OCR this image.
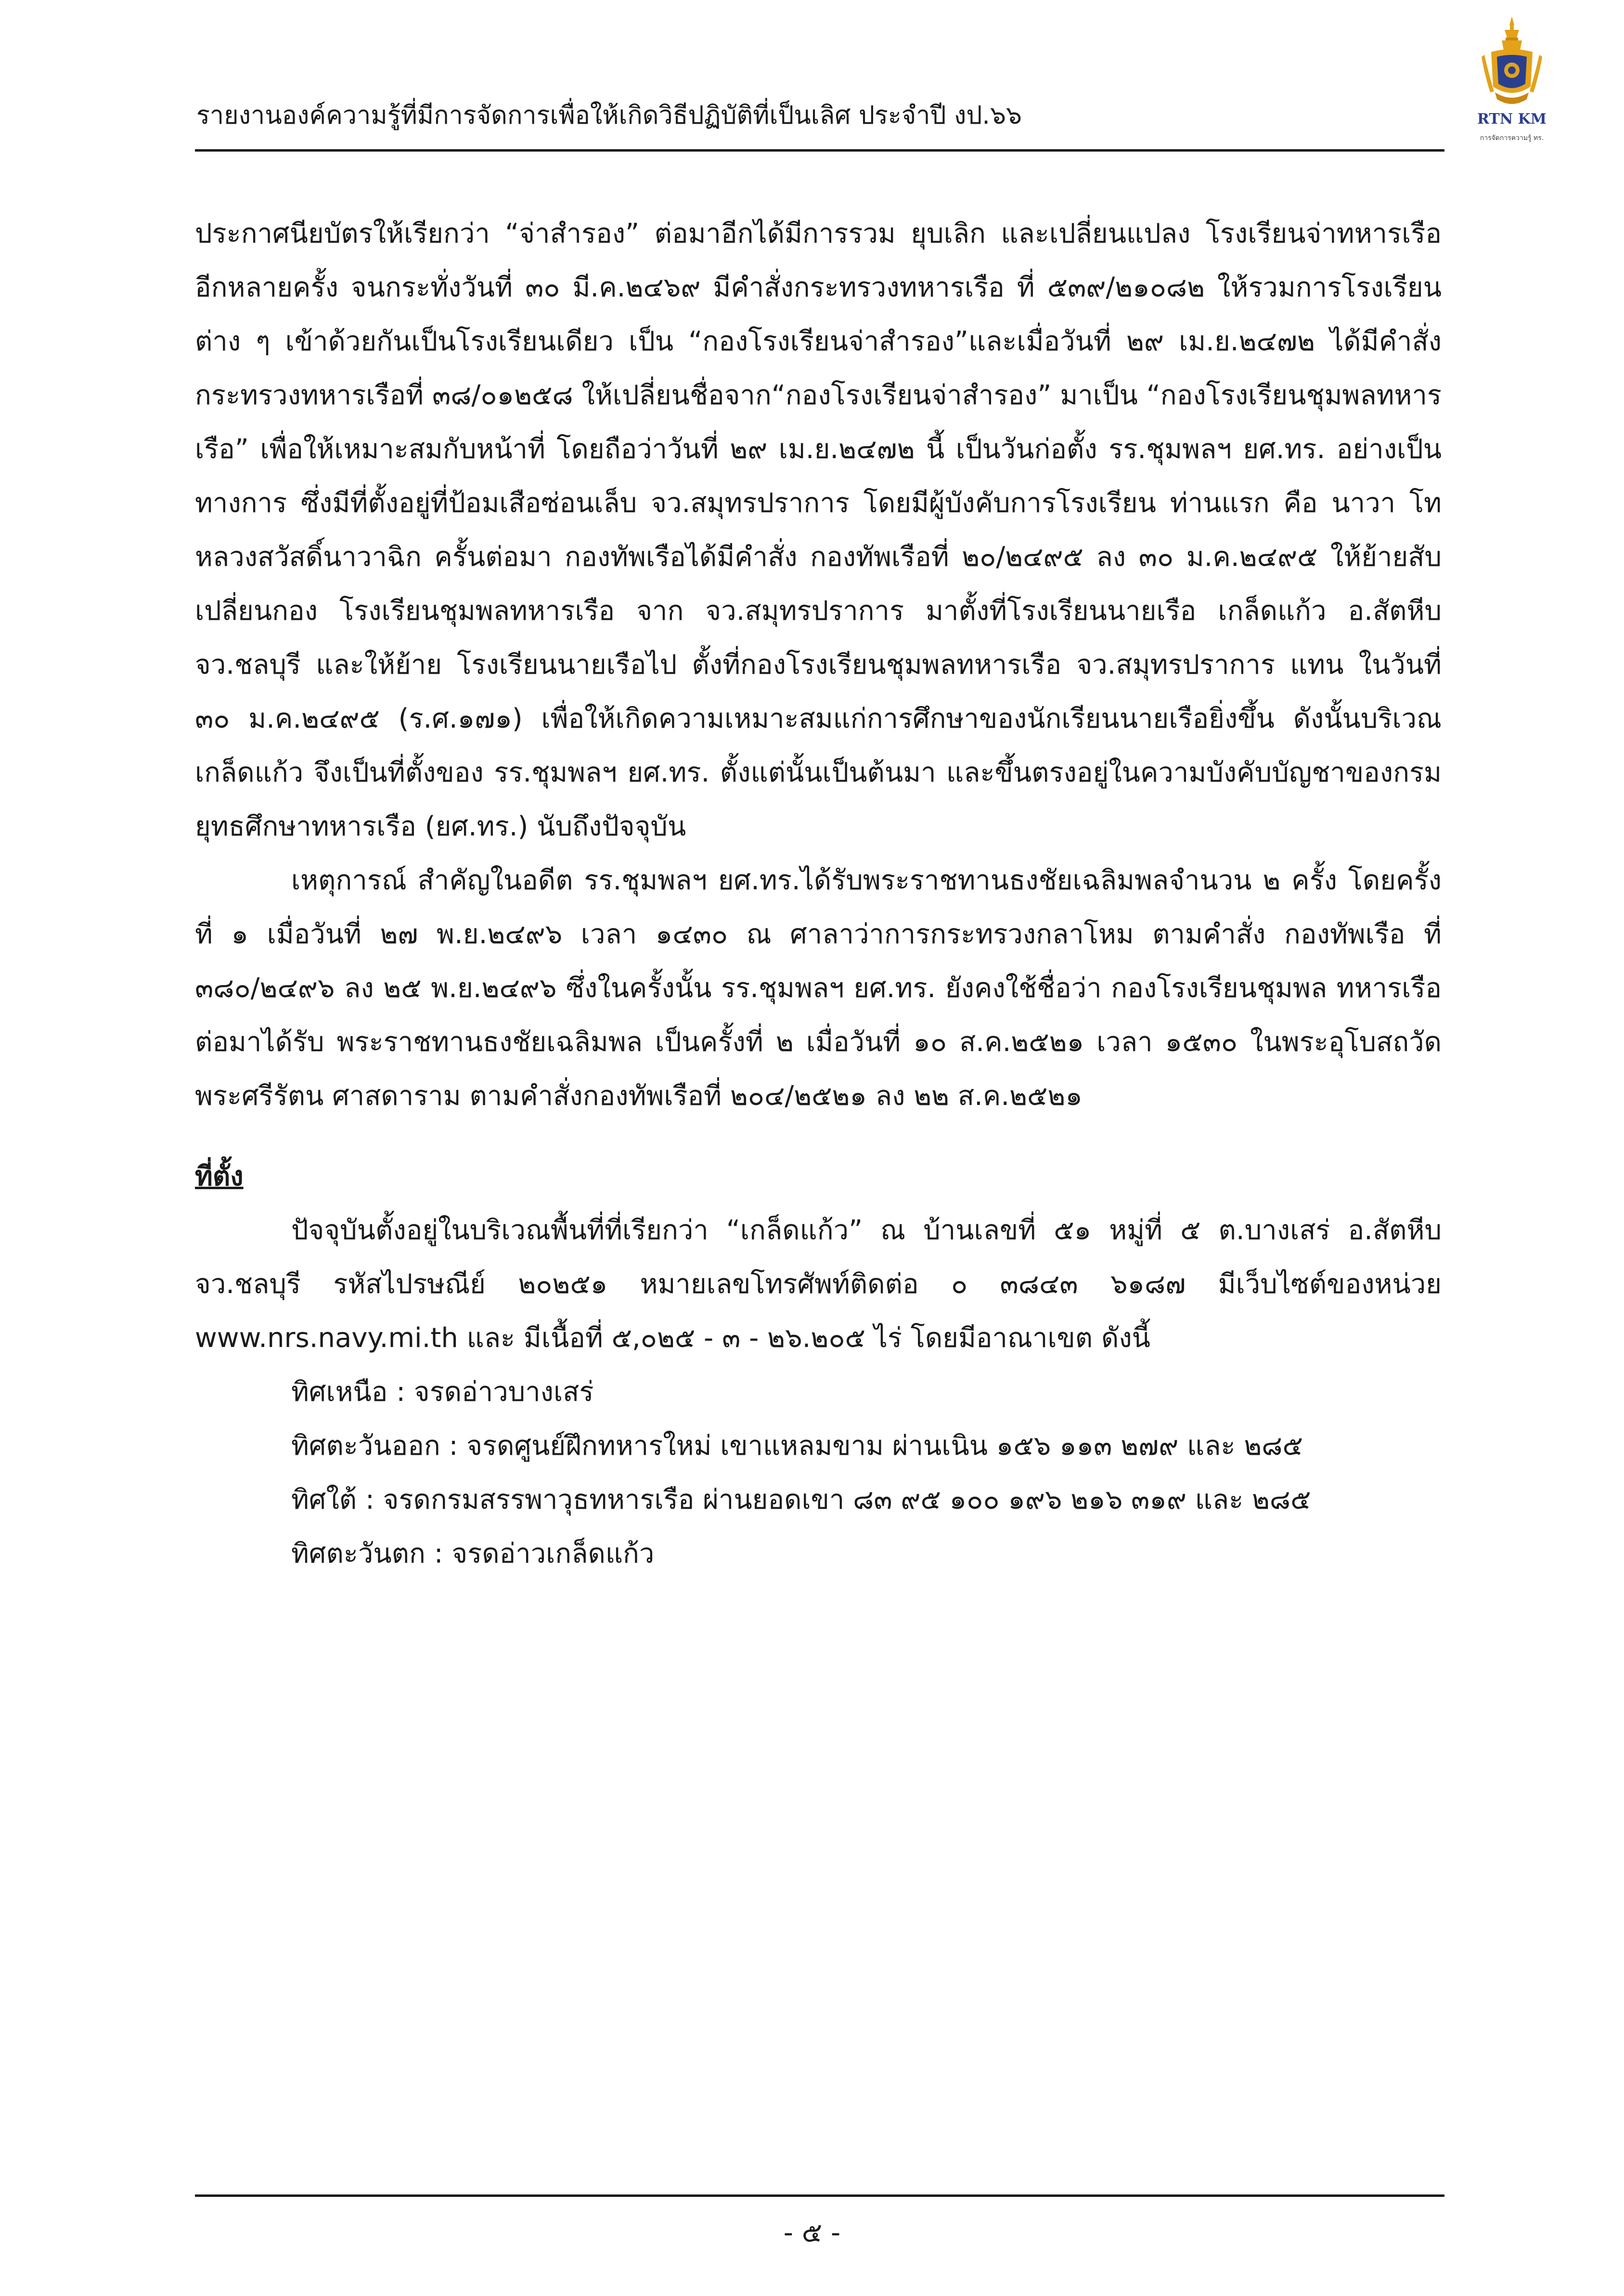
รายงานองค์ความรู้ที่มีการจัดการเพื่อให้เกิดวิธีปฏิบัติที่เป็นเลิศ ประจำปี งป.๖๖	RTN KM
การจัดการความรู้ ทร.

ประกาศนียบัตรให้เรียกว่า “จ่าสำรอง” ต่อมาอีกได้มีการรวม ยุบเลิก และเปลี่ยนแปลง โรงเรียนจ่าทหารเรือ อีกหลายครั้ง จนกระทั่งวันที่ ๓๐ มี.ค.๒๔๖๙ มีคำสั่งกระทรวงทหารเรือ ที่ ๕๓๙/๒๑๐๘๒ ให้รวมการโรงเรียนต่าง ๆ เข้าด้วยกันเป็นโรงเรียนเดียว เป็น “กองโรงเรียนจ่าสำรอง”และเมื่อวันที่ ๒๙ เม.ย.๒๔๗๒ ได้มีคำสั่งกระทรวงทหารเรือที่ ๓๘/๐๑๒๕๘ ให้เปลี่ยนชื่อจาก“กองโรงเรียนจ่าสำรอง” มาเป็น “กองโรงเรียนชุมพลทหารเรือ” เพื่อให้เหมาะสมกับหน้าที่ โดยถือว่าวันที่ ๒๙ เม.ย.๒๔๗๒ นี้ เป็นวันก่อตั้ง รร.ชุมพลฯ ยศ.ทร. อย่างเป็นทางการ ซึ่งมีที่ตั้งอยู่ที่ป้อมเสือซ่อนเล็บ จว.สมุทรปราการ โดยมีผู้บังคับการโรงเรียน ท่านแรก คือ นาวา โทหลวงสวัสดิ์นาวาฉิก ครั้นต่อมา กองทัพเรือได้มีคำสั่ง กองทัพเรือที่ ๒๐/๒๔๙๕ ลง ๓๐ ม.ค.๒๔๙๕ ให้ย้ายสับเปลี่ยนกอง โรงเรียนชุมพลทหารเรือ จาก จว.สมุทรปราการ มาตั้งที่โรงเรียนนายเรือ เกล็ดแก้ว อ.สัตหีบ จว.ชลบุรี และให้ย้าย โรงเรียนนายเรือไป ตั้งที่กองโรงเรียนชุมพลทหารเรือ จว.สมุทรปราการ แทน ในวันที่ ๓๐ ม.ค.๒๔๙๕ (ร.ศ.๑๗๑) เพื่อให้เกิดความเหมาะสมแก่การศึกษาของนักเรียนนายเรือยิ่งขึ้น ดังนั้นบริเวณเกล็ดแก้ว จึงเป็นที่ตั้งของ รร.ชุมพลฯ ยศ.ทร. ตั้งแต่นั้นเป็นต้นมา และขึ้นตรงอยู่ในความบังคับบัญชาของกรมยุทธศึกษาทหารเรือ (ยศ.ทร.) นับถึงปัจจุบัน

เหตุการณ์ สำคัญในอดีต รร.ชุมพลฯ ยศ.ทร.ได้รับพระราชทานธงชัยเฉลิมพลจำนวน ๒ ครั้ง โดยครั้งที่ ๑ เมื่อวันที่ ๒๗ พ.ย.๒๔๙๖ เวลา ๑๔๓๐ ณ ศาลาว่าการกระทรวงกลาโหม ตามคำสั่ง กองทัพเรือ ที่ ๓๘๐/๒๔๙๖ ลง ๒๕ พ.ย.๒๔๙๖ ซึ่งในครั้งนั้น รร.ชุมพลฯ ยศ.ทร. ยังคงใช้ชื่อว่า กองโรงเรียนชุมพล ทหารเรือ ต่อมาได้รับ พระราชทานธงชัยเฉลิมพล เป็นครั้งที่ ๒ เมื่อวันที่ ๑๐ ส.ค.๒๕๒๑ เวลา ๑๕๓๐ ในพระอุโบสถวัดพระศรีรัตน ศาสดาราม ตามคำสั่งกองทัพเรือที่ ๒๐๔/๒๕๒๑ ลง ๒๒ ส.ค.๒๕๒๑

ที่ตั้ง

ปัจจุบันตั้งอยู่ในบริเวณพื้นที่ที่เรียกว่า “เกล็ดแก้ว” ณ บ้านเลขที่ ๕๑ หมู่ที่ ๕ ต.บางเสร่ อ.สัตหีบ จว.ชลบุรี รหัสไปรษณีย์ ๒๐๒๕๑ หมายเลขโทรศัพท์ติดต่อ ๐ ๓๘๔๓ ๖๑๘๗ มีเว็บไซต์ของหน่วย www.nrs.navy.mi.th และ มีเนื้อที่ ๕,๐๒๕ - ๓ - ๒๖.๒๐๕ ไร่ โดยมีอาณาเขต ดังนี้

ทิศเหนือ : จรดอ่าวบางเสร่

ทิศตะวันออก : จรดศูนย์ฝึกทหารใหม่ เขาแหลมขาม ผ่านเนิน ๑๕๖ ๑๑๓ ๒๗๙ และ ๒๘๕

ทิศใต้ : จรดกรมสรรพาวุธทหารเรือ ผ่านยอดเขา ๘๓ ๙๕ ๑๐๐ ๑๙๖ ๒๑๖ ๓๑๙ และ ๒๘๕

ทิศตะวันตก : จรดอ่าวเกล็ดแก้ว

- ๕ -
